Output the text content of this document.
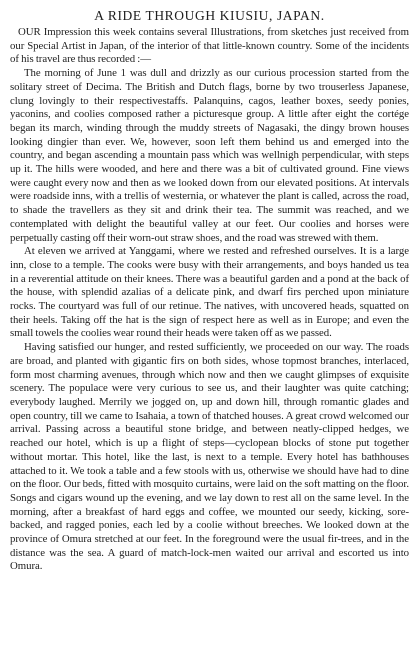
A RIDE THROUGH KIUSIU, JAPAN.

OUR Impression this week contains several Illustrations, from sketches just received from our Special Artist in Japan, of the interior of that little-known country. Some of the incidents of his travel are thus recorded :—

The morning of June 1 was dull and drizzly as our curious procession started from the solitary street of Decima. The British and Dutch flags, borne by two trouserless Japanese, clung lovingly to their respectivestaffs. Palanquins, cagos, leather boxes, seedy ponies, yaconins, and coolies composed rather a picturesque group. A little after eight the cortége began its march, winding through the muddy streets of Nagasaki, the dingy brown houses looking dingier than ever. We, however, soon left them behind us and emerged into the country, and began ascending a mountain pass which was wellnigh perpendicular, with steps up it. The hills were wooded, and here and there was a bit of cultivated ground. Fine views were caught every now and then as we looked down from our elevated positions. At intervals were roadside inns, with a trellis of westernia, or whatever the plant is called, across the road, to shade the travellers as they sit and drink their tea. The summit was reached, and we contemplated with delight the beautiful valley at our feet. Our coolies and horses were perpetually casting off their worn-out straw shoes, and the road was strewed with them.

At eleven we arrived at Yanggami, where we rested and refreshed ourselves. It is a large inn, close to a temple. The cooks were busy with their arrangements, and boys handed us tea in a reverential attitude on their knees. There was a beautiful garden and a pond at the back of the house, with splendid azalias of a delicate pink, and dwarf firs perched upon miniature rocks. The courtyard was full of our retinue. The natives, with uncovered heads, squatted on their heels. Taking off the hat is the sign of respect here as well as in Europe; and even the small towels the coolies wear round their heads were taken off as we passed.

Having satisfied our hunger, and rested sufficiently, we proceeded on our way. The roads are broad, and planted with gigantic firs on both sides, whose topmost branches, interlaced, form most charming avenues, through which now and then we caught glimpses of exquisite scenery. The populace were very curious to see us, and their laughter was quite catching; everybody laughed. Merrily we jogged on, up and down hill, through romantic glades and open country, till we came to Isahaia, a town of thatched houses. A great crowd welcomed our arrival. Passing across a beautiful stone bridge, and between neatly-clipped hedges, we reached our hotel, which is up a flight of steps—cyclopean blocks of stone put together without mortar. This hotel, like the last, is next to a temple. Every hotel has bathhouses attached to it. We took a table and a few stools with us, otherwise we should have had to dine on the floor. Our beds, fitted with mosquito curtains, were laid on the soft matting on the floor. Songs and cigars wound up the evening, and we lay down to rest all on the same level. In the morning, after a breakfast of hard eggs and coffee, we mounted our seedy, kicking, sore-backed, and ragged ponies, each led by a coolie without breeches. We looked down at the province of Omura stretched at our feet. In the foreground were the usual fir-trees, and in the distance was the sea. A guard of match-lock-men waited our arrival and escorted us into Omura.
